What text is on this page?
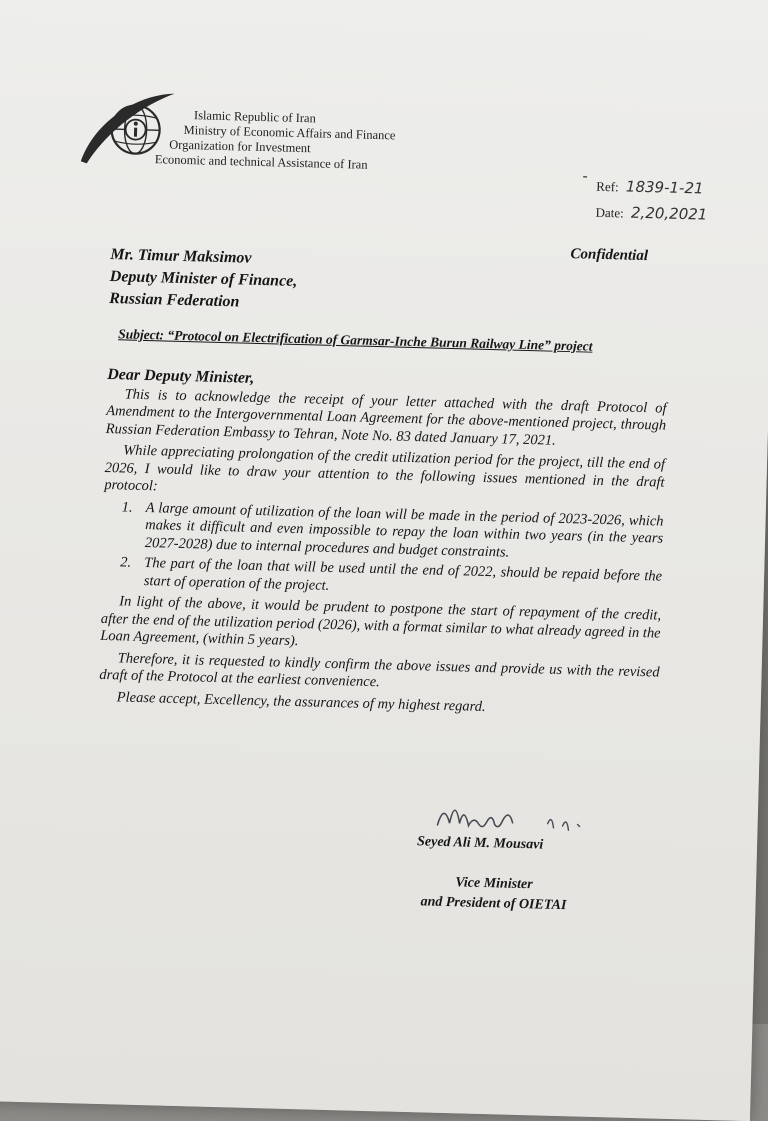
Islamic Republic of Iran
Ministry of Economic Affairs and Finance
Organization for Investment
Economic and technical Assistance of Iran
-
Ref: 1839-1-21
Date: 2,20,2021
Confidential
Mr. Timur Maksimov
Deputy Minister of Finance,
Russian Federation
Subject: “Protocol on Electrification of Garmsar-Inche Burun Railway Line” project
Dear Deputy Minister,

This is to acknowledge the receipt of your letter attached with the draft Protocol of Amendment to the Intergovernmental Loan Agreement for the above-mentioned project, through Russian Federation Embassy to Tehran, Note No. 83 dated January 17, 2021.

While appreciating prolongation of the credit utilization period for the project, till the end of 2026, I would like to draw your attention to the following issues mentioned in the draft protocol:

1. A large amount of utilization of the loan will be made in the period of 2023-2026, which makes it difficult and even impossible to repay the loan within two years (in the years 2027-2028) due to internal procedures and budget constraints.
2. The part of the loan that will be used until the end of 2022, should be repaid before the start of operation of the project.

In light of the above, it would be prudent to postpone the start of repayment of the credit, after the end of the utilization period (2026), with a format similar to what already agreed in the Loan Agreement, (within 5 years).

Therefore, it is requested to kindly confirm the above issues and provide us with the revised draft of the Protocol at the earliest convenience.

Please accept, Excellency, the assurances of my highest regard.

Seyed Ali M. Mousavi
Vice Minister
and President of OIETAI
